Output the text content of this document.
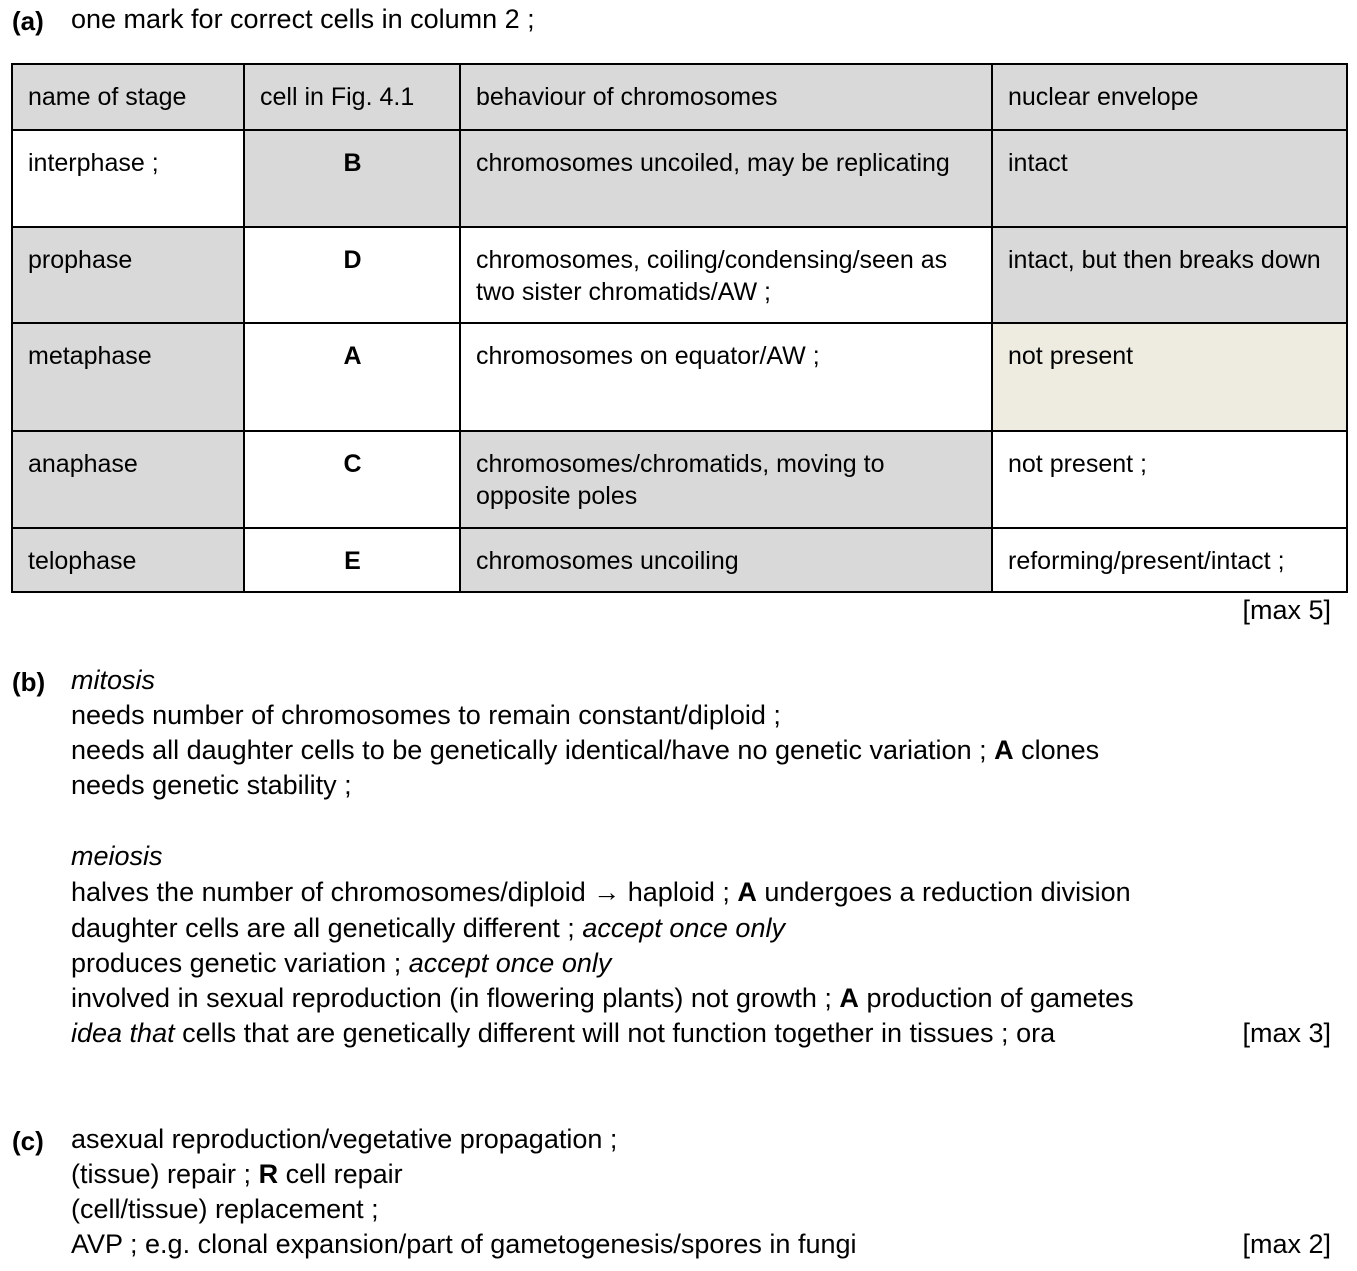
(a) one mark for correct cells in column 2 ;
name of stage	cell in Fig. 4.1	behaviour of chromosomes	nuclear envelope
interphase ;	B	chromosomes uncoiled, may be replicating	intact
prophase	D	chromosomes, coiling/condensing/seen as two sister chromatids/AW ;	intact, but then breaks down
metaphase	A	chromosomes on equator/AW ;	not present
anaphase	C	chromosomes/chromatids, moving to opposite poles	not present ;
telophase	E	chromosomes uncoiling	reforming/present/intact ;
[max 5]
(b) mitosis
needs number of chromosomes to remain constant/diploid ;
needs all daughter cells to be genetically identical/have no genetic variation ; A clones
needs genetic stability ;
meiosis
halves the number of chromosomes/diploid → haploid ; A undergoes a reduction division
daughter cells are all genetically different ; accept once only
produces genetic variation ; accept once only
involved in sexual reproduction (in flowering plants) not growth ; A production of gametes
idea that cells that are genetically different will not function together in tissues ; ora	[max 3]
(c) asexual reproduction/vegetative propagation ;
(tissue) repair ; R cell repair
(cell/tissue) replacement ;
AVP ; e.g. clonal expansion/part of gametogenesis/spores in fungi	[max 2]
